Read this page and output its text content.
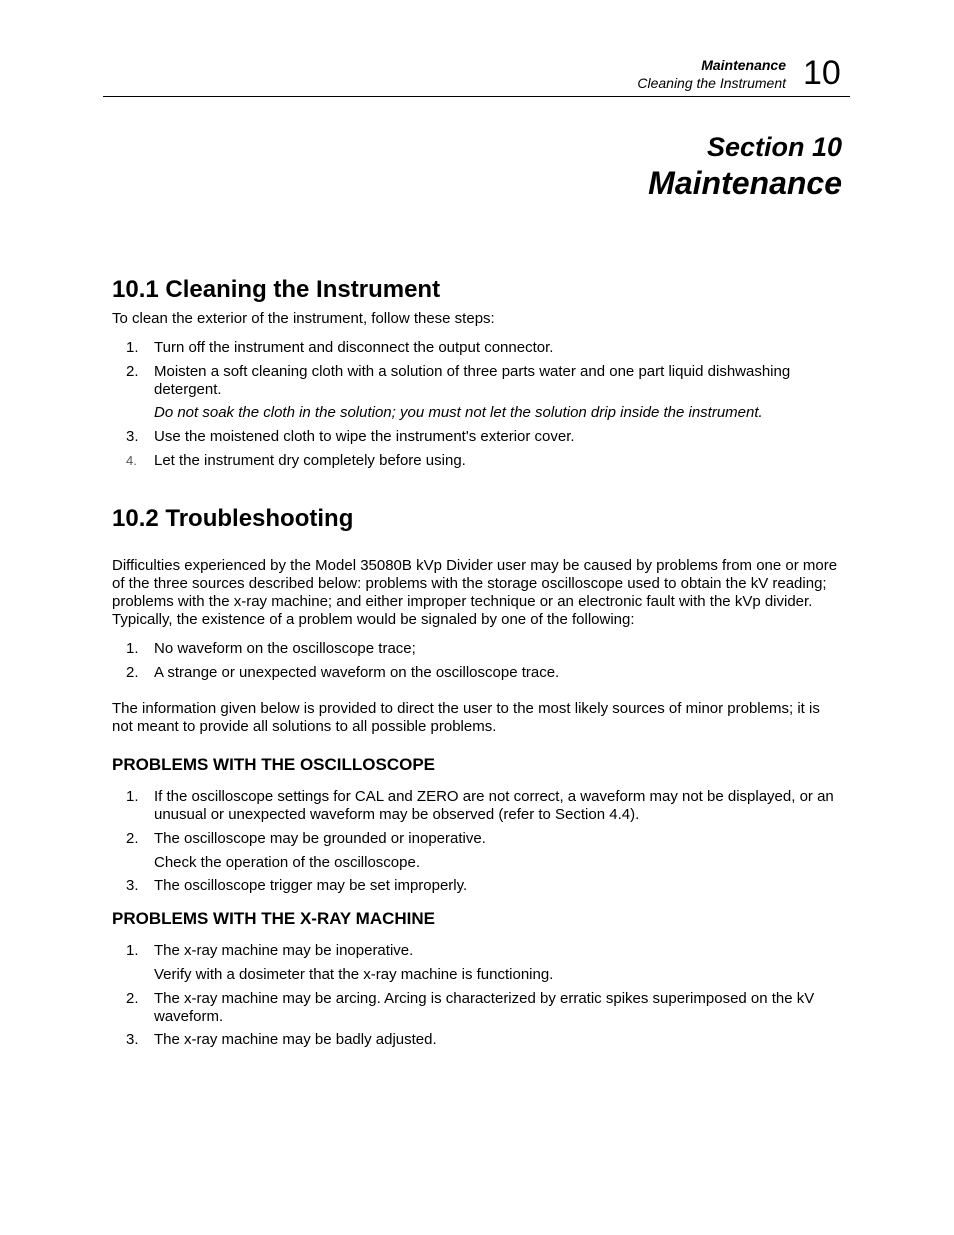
Maintenance
Cleaning the Instrument 10
Section 10
Maintenance
10.1 Cleaning the Instrument
To clean the exterior of the instrument, follow these steps:
1. Turn off the instrument and disconnect the output connector.
2. Moisten a soft cleaning cloth with a solution of three parts water and one part liquid dishwashing detergent.
Do not soak the cloth in the solution; you must not let the solution drip inside the instrument.
3. Use the moistened cloth to wipe the instrument's exterior cover.
4. Let the instrument dry completely before using.
10.2 Troubleshooting
Difficulties experienced by the Model 35080B kVp Divider user may be caused by problems from one or more of the three sources described below: problems with the storage oscilloscope used to obtain the kV reading; problems with the x-ray machine; and either improper technique or an electronic fault with the kVp divider. Typically, the existence of a problem would be signaled by one of the following:
1. No waveform on the oscilloscope trace;
2. A strange or unexpected waveform on the oscilloscope trace.
The information given below is provided to direct the user to the most likely sources of minor problems; it is not meant to provide all solutions to all possible problems.
PROBLEMS WITH THE OSCILLOSCOPE
1. If the oscilloscope settings for CAL and ZERO are not correct, a waveform may not be displayed, or an unusual or unexpected waveform may be observed (refer to Section 4.4).
2. The oscilloscope may be grounded or inoperative.
Check the operation of the oscilloscope.
3. The oscilloscope trigger may be set improperly.
PROBLEMS WITH THE X-RAY MACHINE
1. The x-ray machine may be inoperative.
Verify with a dosimeter that the x-ray machine is functioning.
2. The x-ray machine may be arcing. Arcing is characterized by erratic spikes superimposed on the kV waveform.
3. The x-ray machine may be badly adjusted.
